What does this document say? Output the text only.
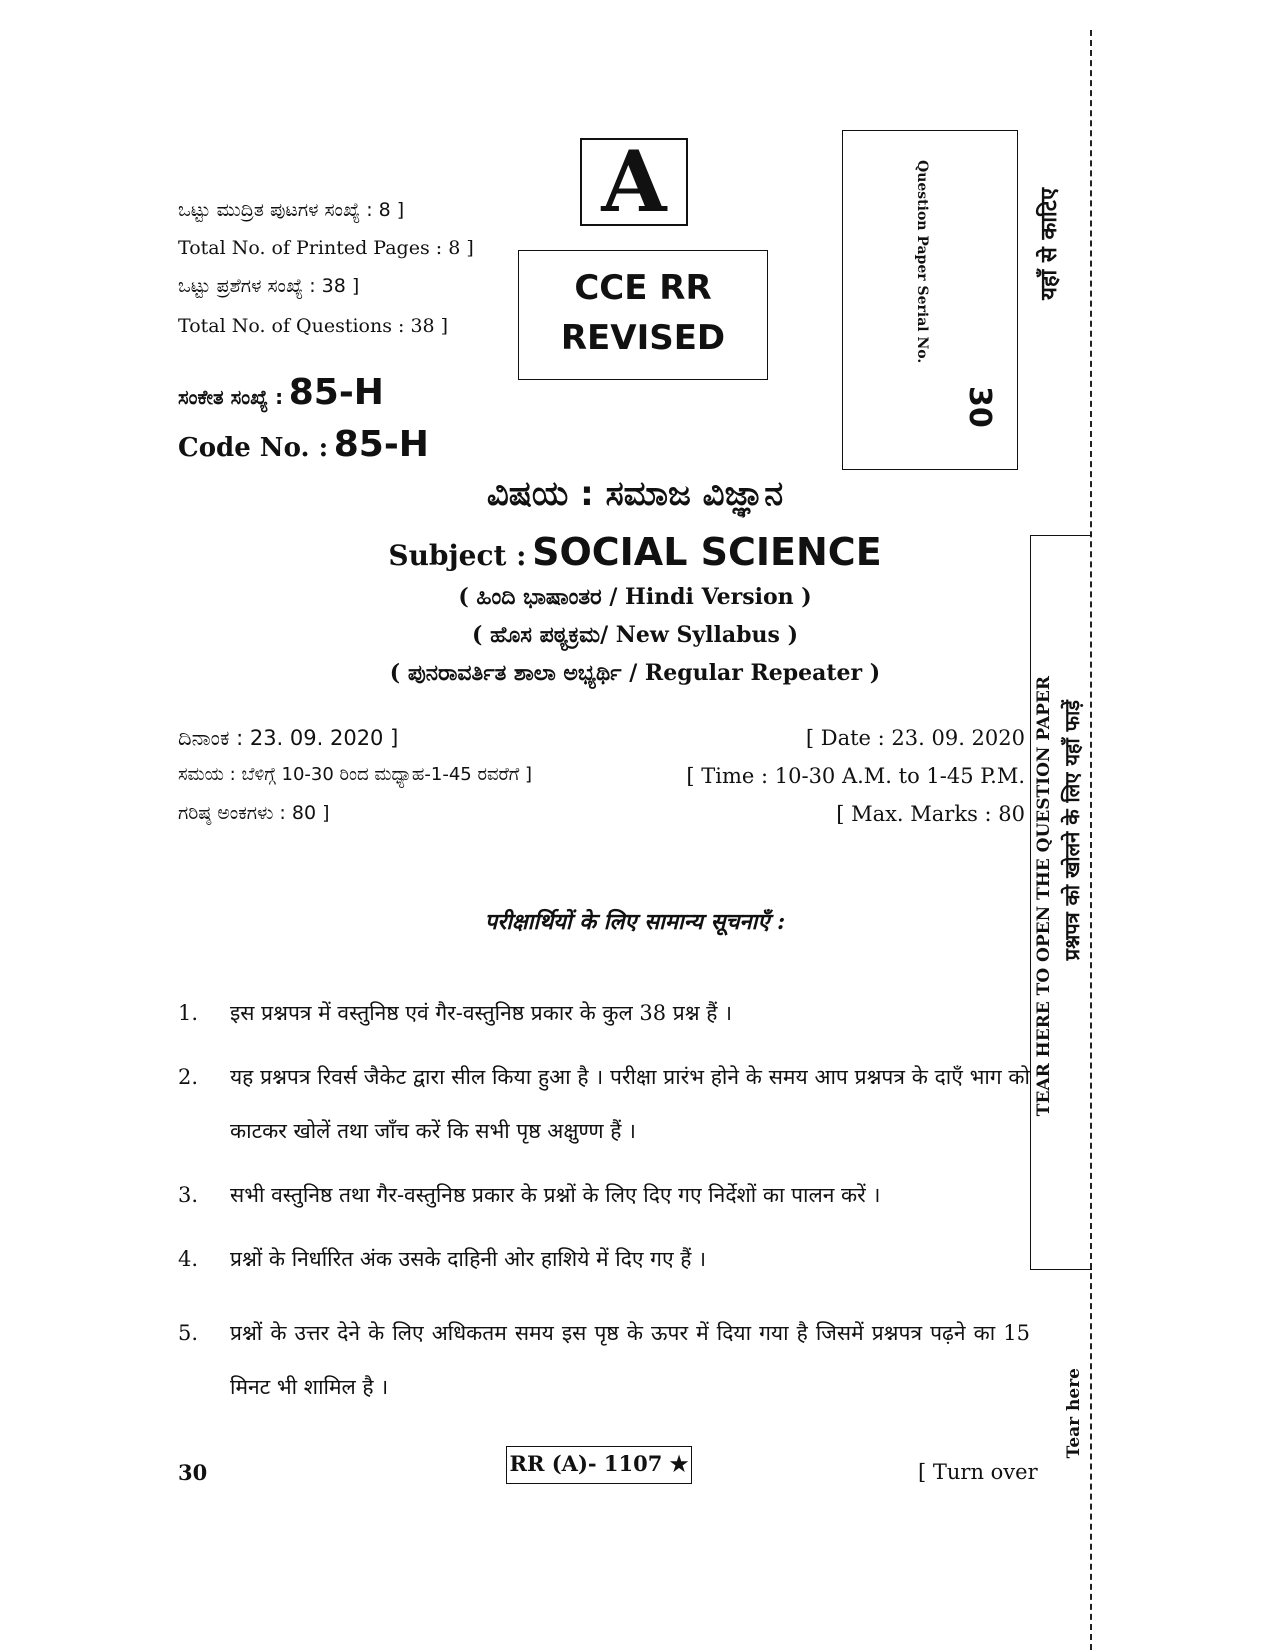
ಒಟ್ಟು ಮುದ್ರಿತ ಪುಟಗಳ ಸಂಖ್ಯೆ : 8 ]
Total No. of Printed Pages : 8 ]
ಒಟ್ಟು ಪ್ರಶೆಗಳ ಸಂಖ್ಯೆ : 38 ]
Total No. of Questions : 38 ]
ಸಂಕೇತ ಸಂಖ್ಯೆ : 85-H
Code No. : 85-H
A
CCE RR
REVISED	Question Paper Serial No.
30
ವಿಷಯ : ಸಮಾಜ ವಿಜ್ಞಾನ
Subject : SOCIAL SCIENCE
( ಹಿಂದಿ ಭಾಷಾಂತರ / Hindi Version )
( ಹೊಸ ಪಠ್ಯಕ್ರಮ/ New Syllabus )
( ಪುನರಾವರ್ತಿತ ಶಾಲಾ ಅಭ್ಯರ್ಥಿ / Regular Repeater )
ದಿನಾಂಕ : 23. 09. 2020 ]	[ Date : 23. 09. 2020
ಸಮಯ : ಬೆಳಿಗ್ಗೆ 10-30 ರಿಂದ ಮಧ್ಯಾಹ-1-45 ರವರೆಗೆ ]	[ Time : 10-30 A.M. to 1-45 P.M.
ಗರಿಷ್ಠ ಅಂಕಗಳು : 80 ]	[ Max. Marks : 80
परीक्षार्थियों के लिए सामान्य सूचनाएँ :
1.	इस प्रश्नपत्र में वस्तुनिष्ठ एवं गैर-वस्तुनिष्ठ प्रकार के कुल 38 प्रश्न हैं ।
2.	यह प्रश्नपत्र रिवर्स जैकेट द्वारा सील किया हुआ है । परीक्षा प्रारंभ होने के समय आप प्रश्नपत्र के दाएँ भाग को काटकर खोलें तथा जाँच करें कि सभी पृष्ठ अक्षुण्ण हैं ।
3.	सभी वस्तुनिष्ठ तथा गैर-वस्तुनिष्ठ प्रकार के प्रश्नों के लिए दिए गए निर्देशों का पालन करें ।
4.	प्रश्नों के निर्धारित अंक उसके दाहिनी ओर हाशिये में दिए गए हैं ।
5.	प्रश्नों के उत्तर देने के लिए अधिकतम समय इस पृष्ठ के ऊपर में दिया गया है जिसमें प्रश्नपत्र पढ़ने का 15 मिनट भी शामिल है ।
30	RR (A)- 1107 ★	[ Turn over
यहाँ से काटिए
TEAR HERE TO OPEN THE QUESTION PAPER प्रश्नपत्र को खोलने के लिए यहाँ फाड़ें
Tear here
